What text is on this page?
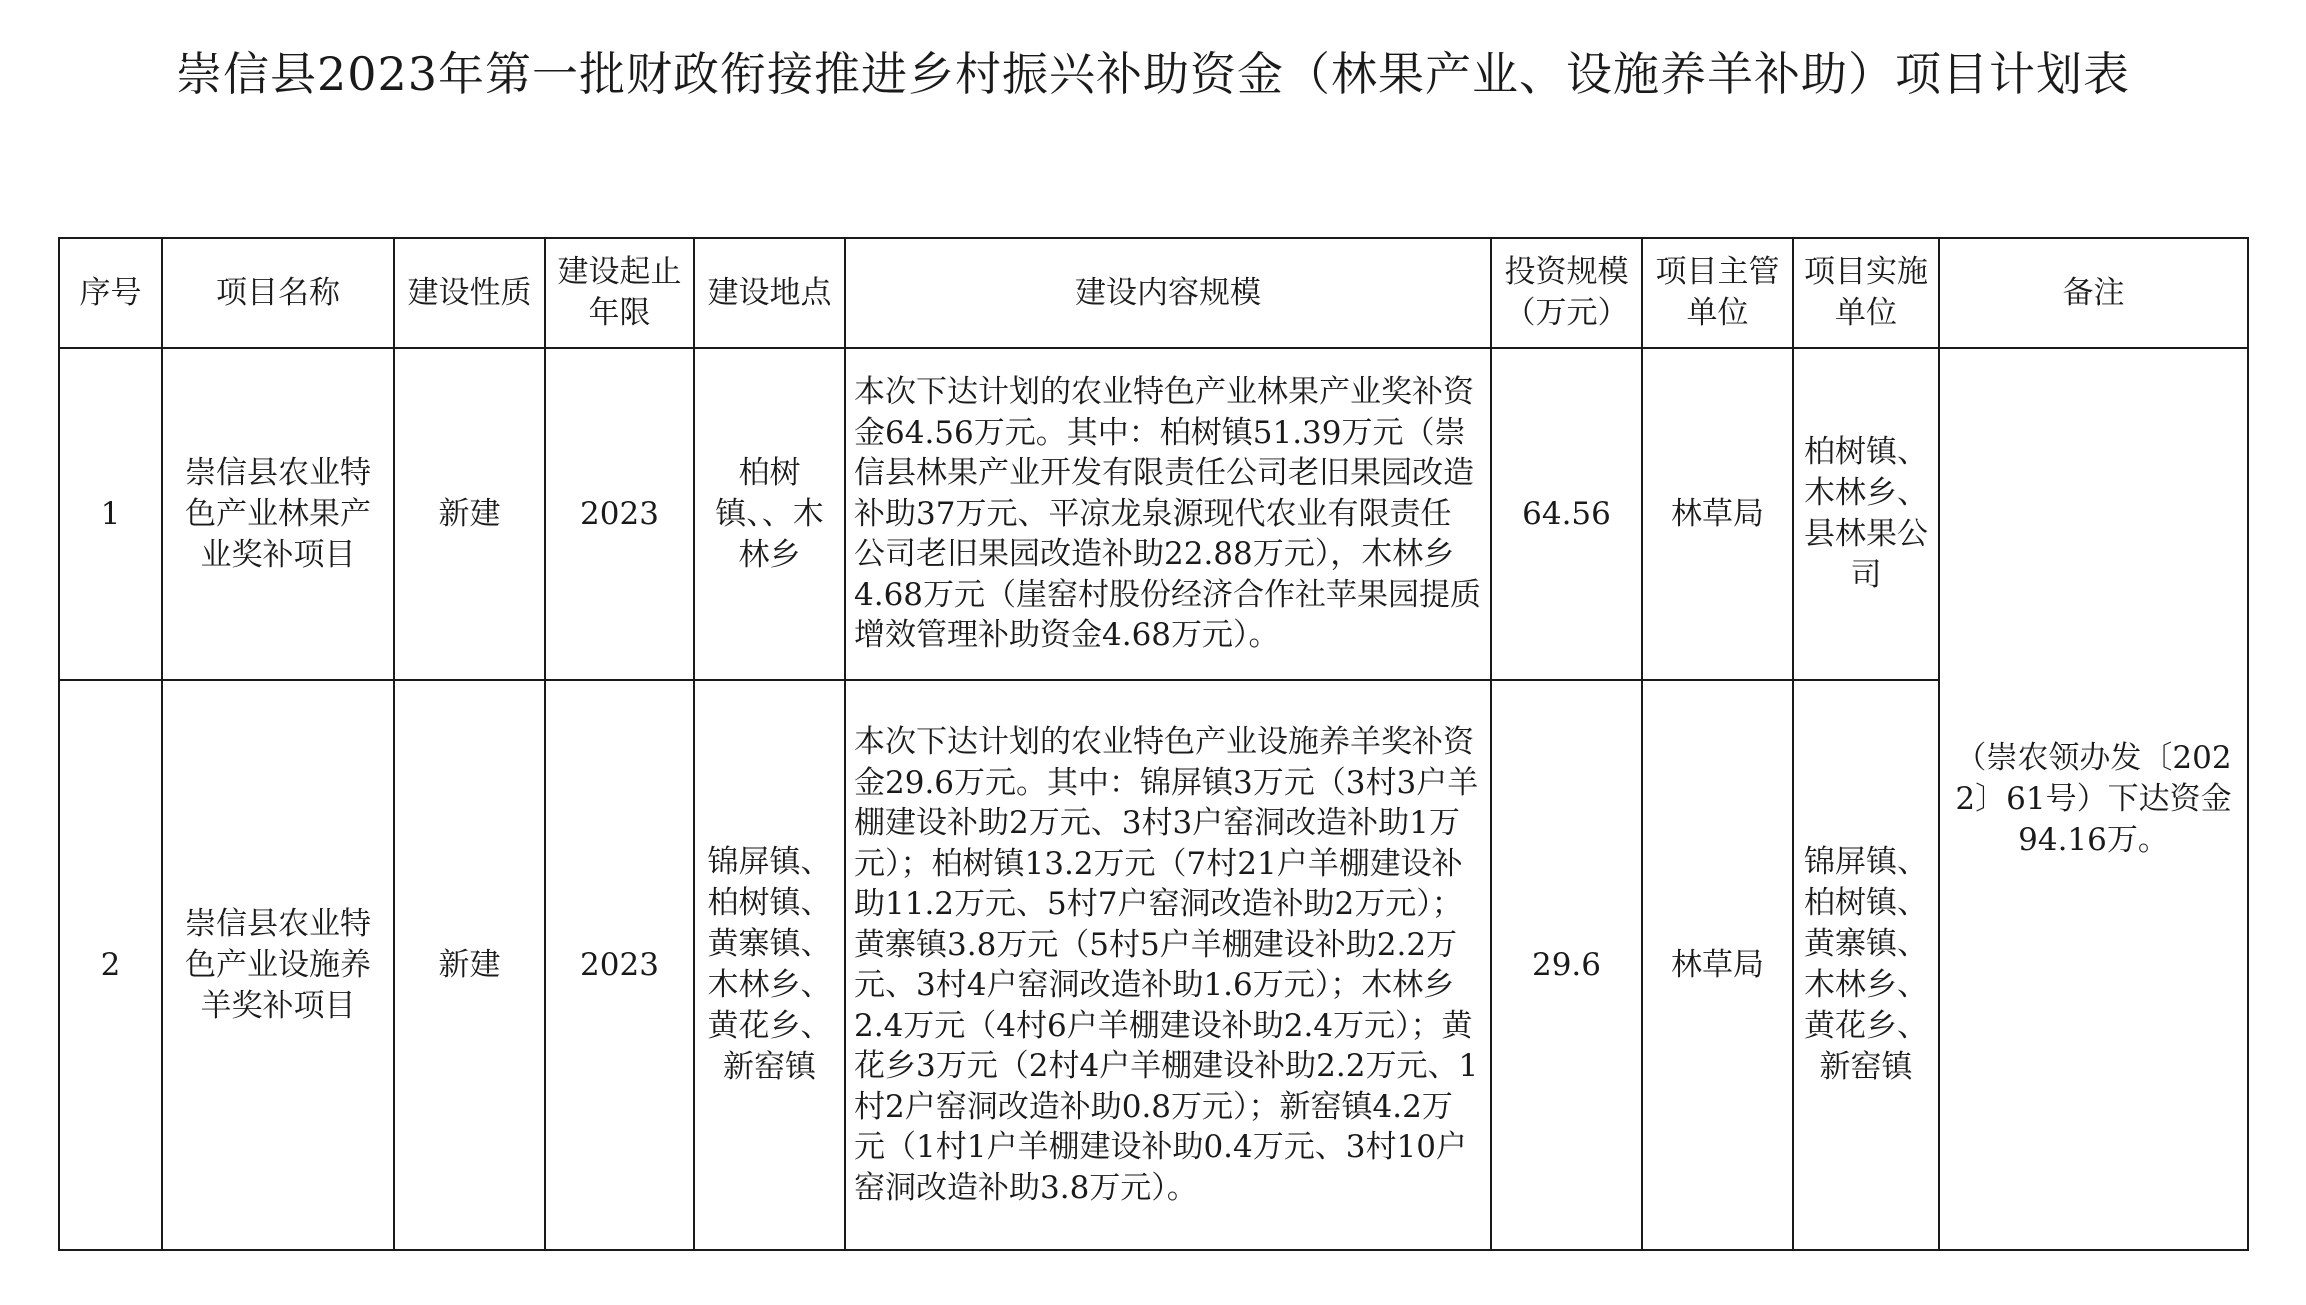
崇信县2023年第一批财政衔接推进乡村振兴补助资金（林果产业、设施养羊补助）项目计划表
序号	项目名称	建设性质	建设起止年限	建设地点	建设内容规模	投资规模（万元）	项目主管单位	项目实施单位	备注
1	崇信县农业特色产业林果产业奖补项目	新建	2023	柏树镇、、木林乡	本次下达计划的农业特色产业林果产业奖补资金64.56万元。其中：柏树镇51.39万元（崇信县林果产业开发有限责任公司老旧果园改造补助37万元、平凉龙泉源现代农业有限责任公司老旧果园改造补助22.88万元），木林乡4.68万元（崖窑村股份经济合作社苹果园提质增效管理补助资金4.68万元）。	64.56	林草局	柏树镇、木林乡、县林果公司	（崇农领办发〔2022〕61号）下达资金94.16万。
2	崇信县农业特色产业设施养羊奖补项目	新建	2023	锦屏镇、柏树镇、黄寨镇、木林乡、黄花乡、新窑镇	本次下达计划的农业特色产业设施养羊奖补资金29.6万元。其中：锦屏镇3万元（3村3户羊棚建设补助2万元、3村3户窑洞改造补助1万元）；柏树镇13.2万元（7村21户羊棚建设补助11.2万元、5村7户窑洞改造补助2万元）；黄寨镇3.8万元（5村5户羊棚建设补助2.2万元、3村4户窑洞改造补助1.6万元）；木林乡2.4万元（4村6户羊棚建设补助2.4万元）；黄花乡3万元（2村4户羊棚建设补助2.2万元、1村2户窑洞改造补助0.8万元）；新窑镇4.2万元（1村1户羊棚建设补助0.4万元、3村10户窑洞改造补助3.8万元）。	29.6	林草局	锦屏镇、柏树镇、黄寨镇、木林乡、黄花乡、新窑镇	
